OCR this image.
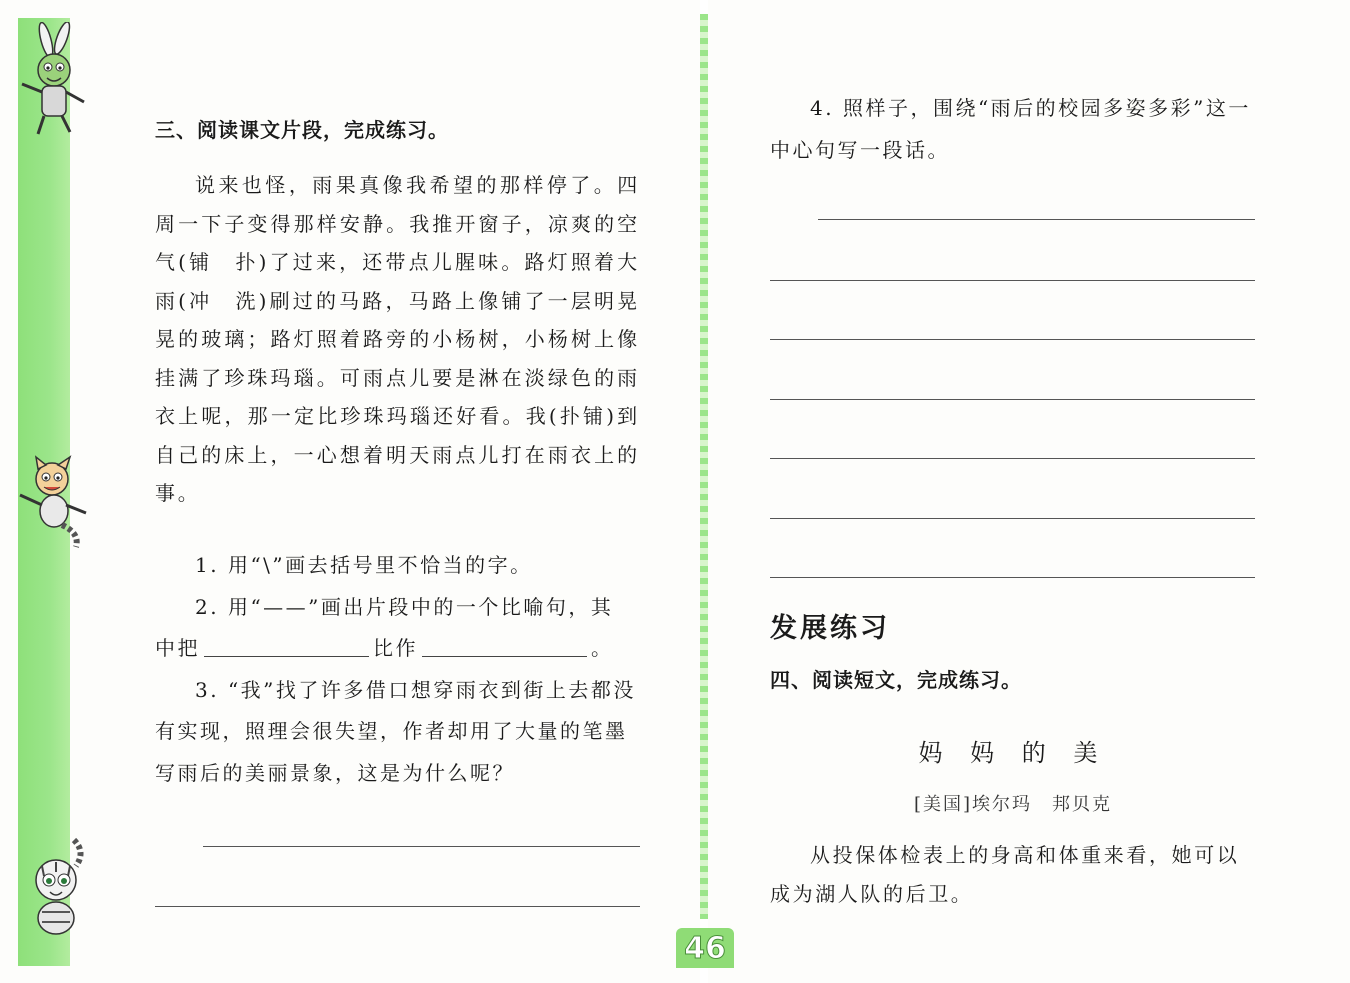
46
三、阅读课文片段，完成练习。

说来也怪，雨果真像我希望的那样停了。四周一下子变得那样安静。我推开窗子，凉爽的空气(铺　扑)了过来，还带点儿腥味。路灯照着大雨(冲　洗)刷过的马路，马路上像铺了一层明晃晃的玻璃；路灯照着路旁的小杨树，小杨树上像挂满了珍珠玛瑙。可雨点儿要是淋在淡绿色的雨衣上呢，那一定比珍珠玛瑙还好看。我(扑铺)到自己的床上，一心想着明天雨点儿打在雨衣上的事。

1. 用“\”画去括号里不恰当的字。

2. 用“——”画出片段中的一个比喻句，其

中把	比作	。

3. “我”找了许多借口想穿雨衣到街上去都没有实现，照理会很失望，作者却用了大量的笔墨写雨后的美丽景象，这是为什么呢？

4. 照样子，围绕“雨后的校园多姿多彩”这一中心句写一段话。

发展练习
四、阅读短文，完成练习。
妈 妈 的 美
[美国]埃尔玛　邦贝克

从投保体检表上的身高和体重来看，她可以成为湖人队的后卫。
